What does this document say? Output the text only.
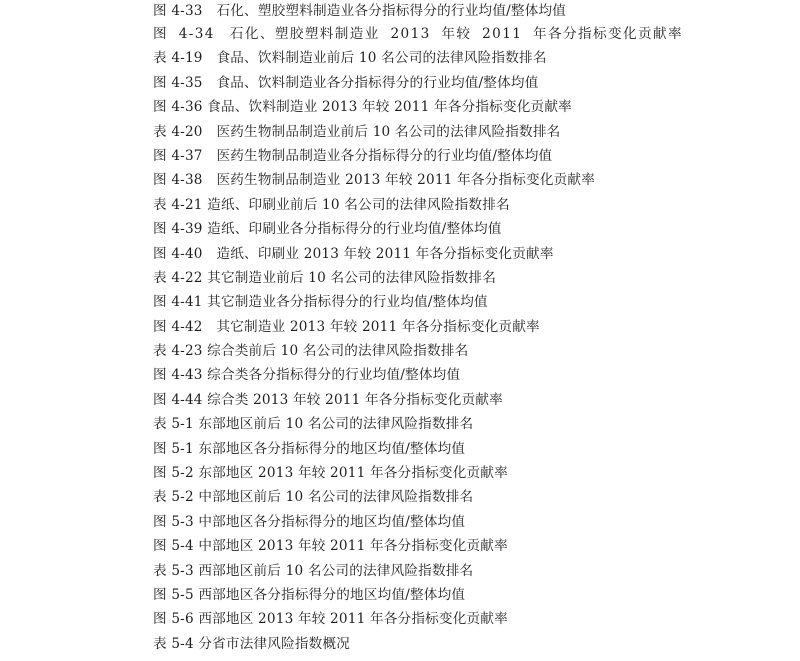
图 4-33　石化、塑胶塑料制造业各分指标得分的行业均值/整体均值
图 4-34　石化、塑胶塑料制造业 2013 年较 2011 年各分指标变化贡献率
表 4-19　食品、饮料制造业前后 10 名公司的法律风险指数排名
图 4-35　食品、饮料制造业各分指标得分的行业均值/整体均值
图 4-36 食品、饮料制造业 2013 年较 2011 年各分指标变化贡献率
表 4-20　医药生物制品制造业前后 10 名公司的法律风险指数排名
图 4-37　医药生物制品制造业各分指标得分的行业均值/整体均值
图 4-38　医药生物制品制造业 2013 年较 2011 年各分指标变化贡献率
表 4-21 造纸、印刷业前后 10 名公司的法律风险指数排名
图 4-39 造纸、印刷业各分指标得分的行业均值/整体均值
图 4-40　造纸、印刷业 2013 年较 2011 年各分指标变化贡献率
表 4-22 其它制造业前后 10 名公司的法律风险指数排名
图 4-41 其它制造业各分指标得分的行业均值/整体均值
图 4-42　其它制造业 2013 年较 2011 年各分指标变化贡献率
表 4-23 综合类前后 10 名公司的法律风险指数排名
图 4-43 综合类各分指标得分的行业均值/整体均值
图 4-44 综合类 2013 年较 2011 年各分指标变化贡献率
表 5-1 东部地区前后 10 名公司的法律风险指数排名
图 5-1 东部地区各分指标得分的地区均值/整体均值
图 5-2 东部地区 2013 年较 2011 年各分指标变化贡献率
表 5-2 中部地区前后 10 名公司的法律风险指数排名
图 5-3 中部地区各分指标得分的地区均值/整体均值
图 5-4 中部地区 2013 年较 2011 年各分指标变化贡献率
表 5-3 西部地区前后 10 名公司的法律风险指数排名
图 5-5 西部地区各分指标得分的地区均值/整体均值
图 5-6 西部地区 2013 年较 2011 年各分指标变化贡献率
表 5-4 分省市法律风险指数概况
